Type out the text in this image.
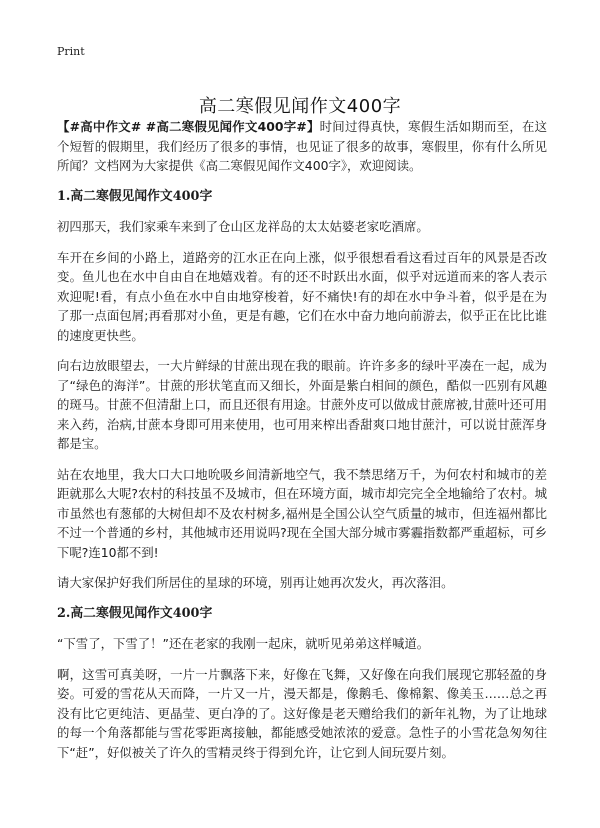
Print
高二寒假见闻作文400字

【#高中作文# #高二寒假见闻作文400字#】时间过得真快，寒假生活如期而至，在这个短暂的假期里，我们经历了很多的事情，也见证了很多的故事，寒假里，你有什么所见所闻？文档网为大家提供《高二寒假见闻作文400字》，欢迎阅读。

1.高二寒假见闻作文400字

初四那天，我们家乘车来到了仓山区龙祥岛的太太姑婆老家吃酒席。

车开在乡间的小路上，道路旁的江水正在向上涨，似乎很想看看这看过百年的风景是否改变。鱼儿也在水中自由自在地嬉戏着。有的还不时跃出水面，似乎对远道而来的客人表示欢迎呢!看，有点小鱼在水中自由地穿梭着，好不痛快!有的却在水中争斗着，似乎是在为了那一点面包屑;再看那对小鱼，更是有趣，它们在水中奋力地向前游去，似乎正在比比谁的速度更快些。

向右边放眼望去，一大片鲜绿的甘蔗出现在我的眼前。许许多多的绿叶平凑在一起，成为了“绿色的海洋”。甘蔗的形状笔直而又细长，外面是紫白相间的颜色，酷似一匹别有风趣的斑马。甘蔗不但清甜上口，而且还很有用途。甘蔗外皮可以做成甘蔗席被,甘蔗叶还可用来入药，治病,甘蔗本身即可用来使用，也可用来榨出香甜爽口地甘蔗汁，可以说甘蔗浑身都是宝。

站在农地里，我大口大口地吮吸乡间清新地空气，我不禁思绪万千，为何农村和城市的差距就那么大呢?农村的科技虽不及城市，但在环境方面，城市却完完全全地输给了农村。城市虽然也有葱郁的大树但却不及农村树多,福州是全国公认空气质量的城市，但连福州都比不过一个普通的乡村，其他城市还用说吗?现在全国大部分城市雾霾指数都严重超标，可乡下呢?连10都不到!

请大家保护好我们所居住的星球的环境，别再让她再次发火，再次落泪。

2.高二寒假见闻作文400字

“下雪了，下雪了！”还在老家的我刚一起床，就听见弟弟这样喊道。

啊，这雪可真美呀，一片一片飘落下来，好像在飞舞，又好像在向我们展现它那轻盈的身姿。可爱的雪花从天而降，一片又一片，漫天都是，像鹅毛、像棉絮、像美玉……总之再没有比它更纯洁、更晶莹、更白净的了。这好像是老天赠给我们的新年礼物，为了让地球的每一个角落都能与雪花零距离接触，都能感受她浓浓的爱意。急性子的小雪花急匆匆往下“赶”，好似被关了许久的雪精灵终于得到允许，让它到人间玩耍片刻。
